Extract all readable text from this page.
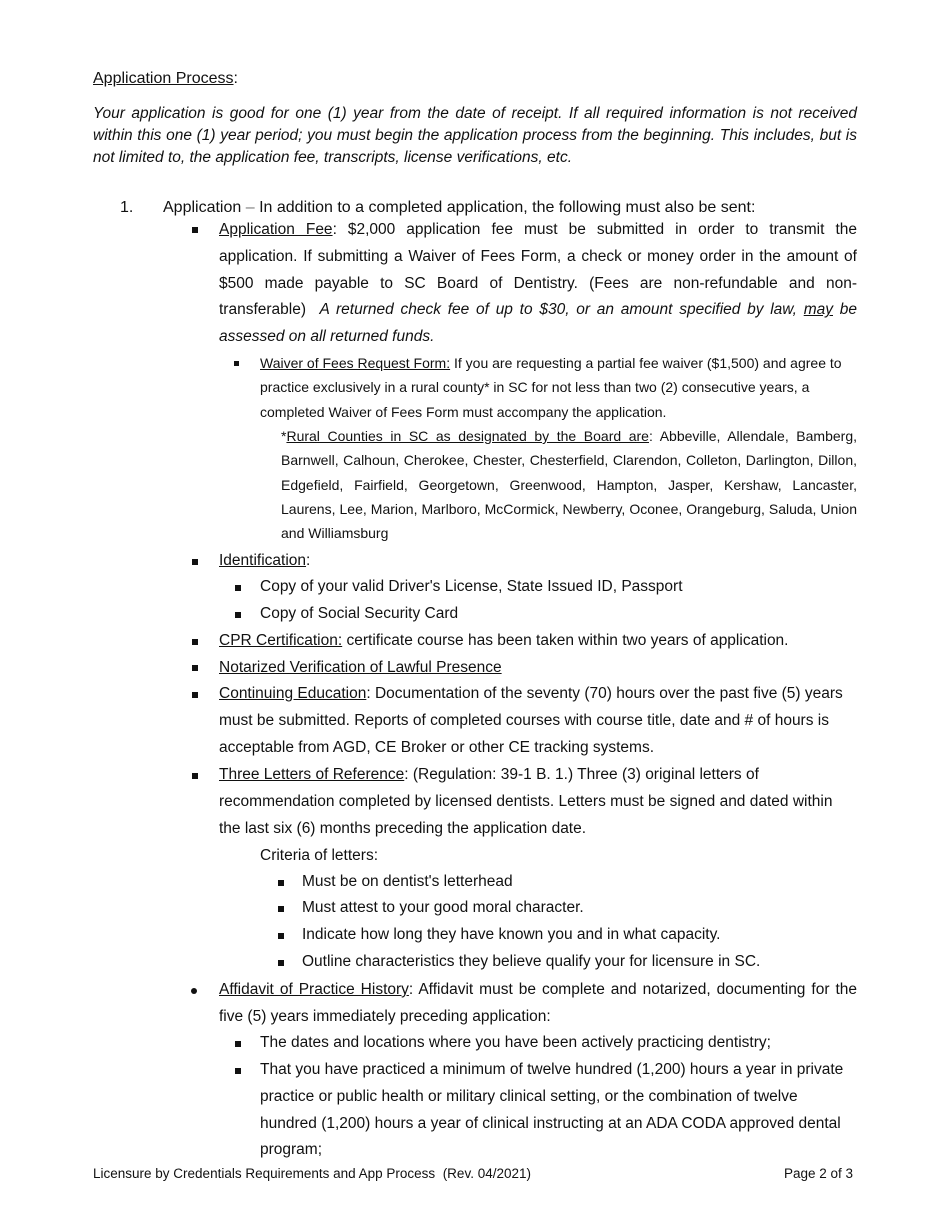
Application Process:
Your application is good for one (1) year from the date of receipt. If all required information is not received within this one (1) year period; you must begin the application process from the beginning. This includes, but is not limited to, the application fee, transcripts, license verifications, etc.
1. Application – In addition to a completed application, the following must also be sent:
Application Fee: $2,000 application fee must be submitted in order to transmit the application. If submitting a Waiver of Fees Form, a check or money order in the amount of $500 made payable to SC Board of Dentistry. (Fees are non-refundable and non-transferable) A returned check fee of up to $30, or an amount specified by law, may be assessed on all returned funds.
Waiver of Fees Request Form: If you are requesting a partial fee waiver ($1,500) and agree to practice exclusively in a rural county* in SC for not less than two (2) consecutive years, a completed Waiver of Fees Form must accompany the application.
*Rural Counties in SC as designated by the Board are: Abbeville, Allendale, Bamberg, Barnwell, Calhoun, Cherokee, Chester, Chesterfield, Clarendon, Colleton, Darlington, Dillon, Edgefield, Fairfield, Georgetown, Greenwood, Hampton, Jasper, Kershaw, Lancaster, Laurens, Lee, Marion, Marlboro, McCormick, Newberry, Oconee, Orangeburg, Saluda, Union and Williamsburg
Identification:
Copy of your valid Driver's License, State Issued ID, Passport
Copy of Social Security Card
CPR Certification: certificate course has been taken within two years of application.
Notarized Verification of Lawful Presence
Continuing Education: Documentation of the seventy (70) hours over the past five (5) years must be submitted. Reports of completed courses with course title, date and # of hours is acceptable from AGD, CE Broker or other CE tracking systems.
Three Letters of Reference: (Regulation: 39-1 B. 1.) Three (3) original letters of recommendation completed by licensed dentists. Letters must be signed and dated within the last six (6) months preceding the application date.
Criteria of letters:
Must be on dentist's letterhead
Must attest to your good moral character.
Indicate how long they have known you and in what capacity.
Outline characteristics they believe qualify your for licensure in SC.
Affidavit of Practice History: Affidavit must be complete and notarized, documenting for the five (5) years immediately preceding application:
The dates and locations where you have been actively practicing dentistry;
That you have practiced a minimum of twelve hundred (1,200) hours a year in private practice or public health or military clinical setting, or the combination of twelve hundred (1,200) hours a year of clinical instructing at an ADA CODA approved dental program;
Licensure by Credentials Requirements and App Process  (Rev. 04/2021)	Page 2 of 3
